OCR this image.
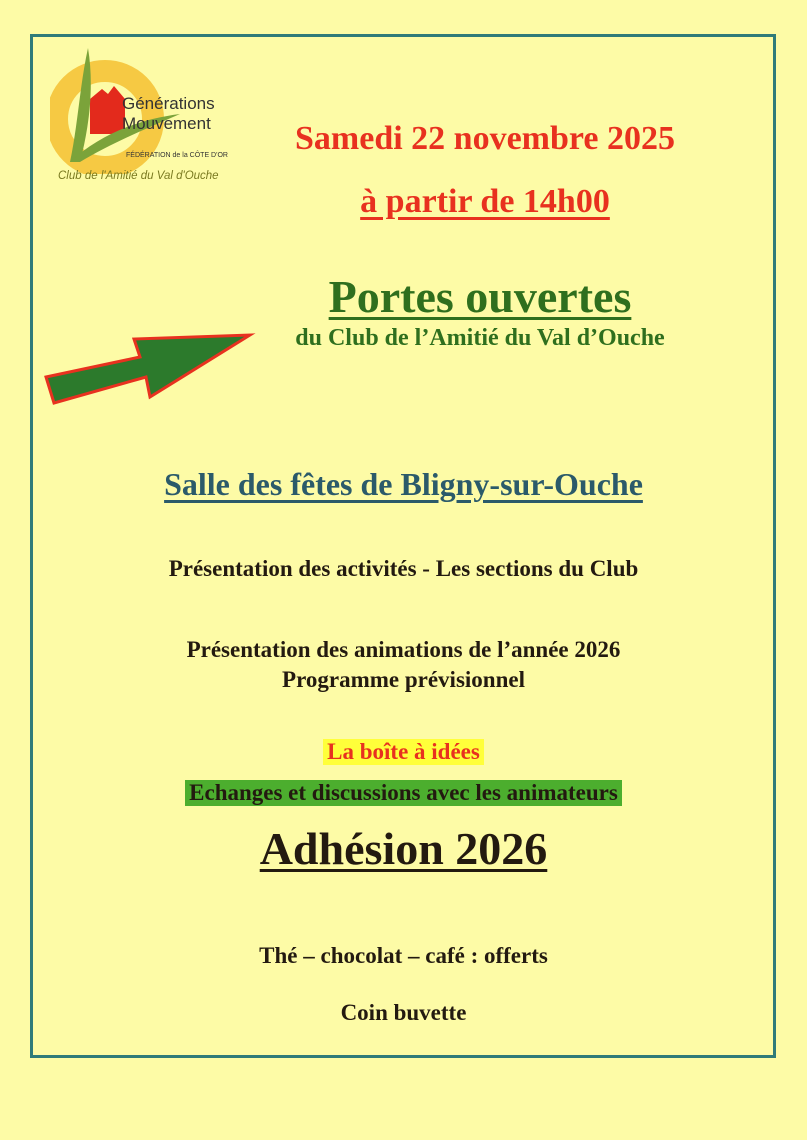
Générations
Mouvement
FÉDÉRATION de la CÔTE D'OR
Club de l'Amitié du Val d'Ouche
Samedi 22 novembre 2025
à partir de 14h00
Portes ouvertes
du Club de l’Amitié du Val d’Ouche
Salle des fêtes de Bligny-sur-Ouche
Présentation des activités - Les sections du Club
Présentation des animations de l’année 2026
Programme prévisionnel
La boîte à idées
Echanges et discussions avec les animateurs
Adhésion 2026
Thé – chocolat – café : offerts
Coin buvette
